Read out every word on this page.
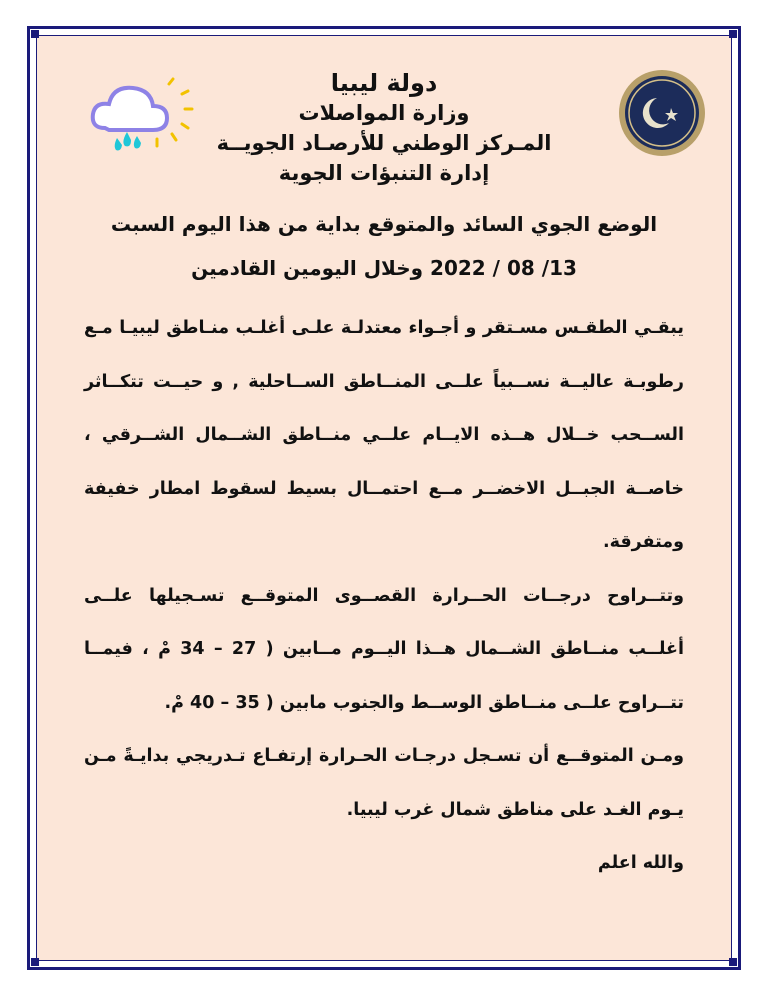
دولة ليبيا
وزارة المواصلات
المـركز الوطني للأرصـاد الجويــة
إدارة التنبؤات الجوية
الوضع الجوي السائد والمتوقع بداية من هذا اليوم السبت
13/ 08 / 2022 وخلال اليومين القادمين

يبقـي الطقـس مسـتقر و أجـواء معتدلـة علـى أغلـب منـاطق ليبيـا مـع رطوبـة عاليــة نســبياً علــى المنــاطق الســاحلية , و حيــت تتكــاثر الســحب خــلال هــذه الايــام علــي منــاطق الشــمال الشــرقي ، خاصــة الجبــل الاخضــر مــع احتمــال بسيط لسقوط امطار خفيفة ومتفرقة.

وتتــراوح درجــات الحــرارة القصــوى المتوقــع تسـجيلها علــى أغلــب منــاطق الشــمال هــذا اليــوم مــابين ( 27 – 34 مْ ، فيمــا تتــراوح علــى منــاطق الوســط والجنوب مابين ( 35 – 40 مْ.

ومـن المتوقــع أن تسـجل درجـات الحـرارة إرتفـاع تـدريجي بدايـةً مـن يـوم الغـد على مناطق شمال غرب ليبيا.

والله اعلم
